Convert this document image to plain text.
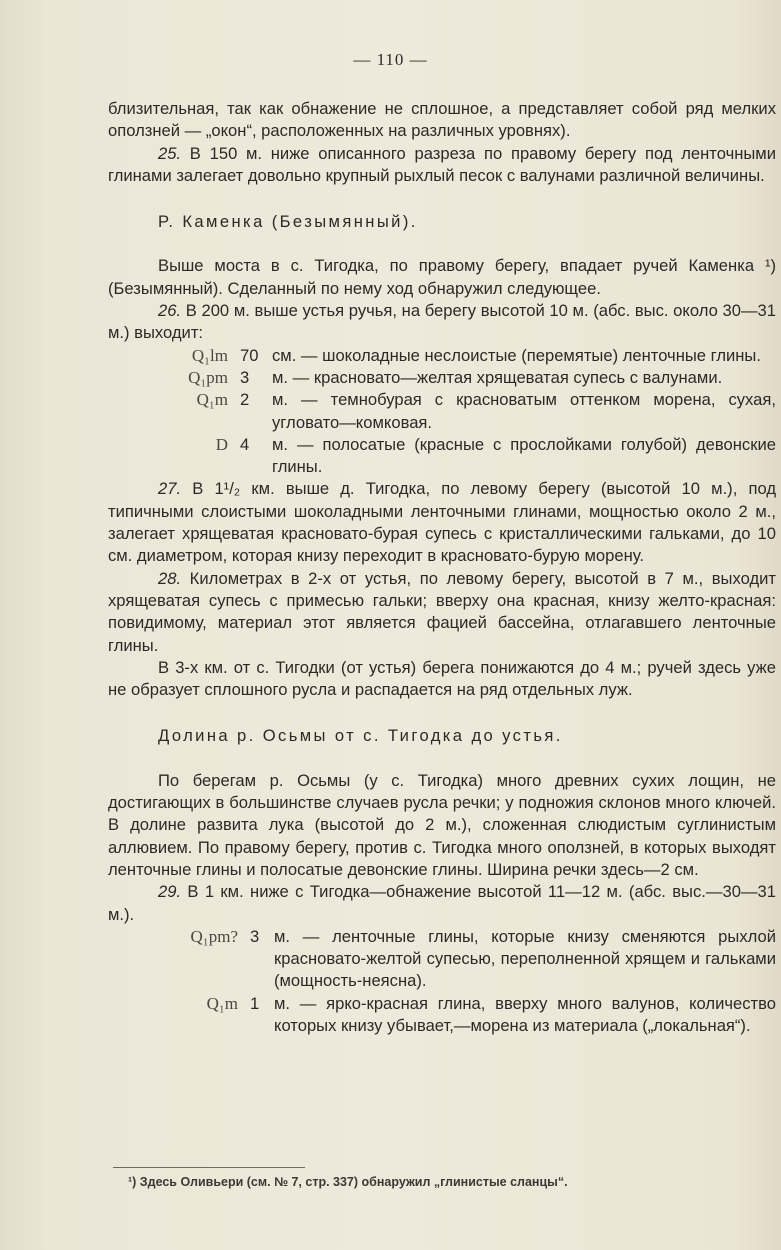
— 110 —

близительная, так как обнажение не сплошное, а представляет собой ряд мелких оползней — „окон“, расположенных на различных уровнях).

25. В 150 м. ниже описанного разреза по правому берегу под ленточными глинами залегает довольно крупный рыхлый песок с валунами различной величины.

Р. Каменка (Безымянный).

Выше моста в с. Тигодка, по правому берегу, впадает ручей Каменка ¹) (Безымянный). Сделанный по нему ход обнаружил следующее.

26. В 200 м. выше устья ручья, на берегу высотой 10 м. (абс. выс. около 30—31 м.) выходит:

Q₁lm 70 см. — шоколадные неслоистые (перемятые) ленточные глины.
Q₁pm 3	м. — красновато—желтая хрящеватая супесь с валунами.
Q₁m 2	м. — темнобурая с красноватым оттенком морена, сухая, угловато—комковая.
D 4	м. — полосатые (красные с прослойками голубой) девонские глины.

27. В 1¹/₂ км. выше д. Тигодка, по левому берегу (высотой 10 м.), под типичными слоистыми шоколадными ленточными глинами, мощностью около 2 м., залегает хрящеватая красновато-бурая супесь с кристаллическими гальками, до 10 см. диаметром, которая книзу переходит в красновато-бурую морену.

28. Километрах в 2-х от устья, по левому берегу, высотой в 7 м., выходит хрящеватая супесь с примесью гальки; вверху она красная, книзу желто-красная: повидимому, материал этот является фацией бассейна, отлагавшего ленточные глины.

В 3-х км. от с. Тигодки (от устья) берега понижаются до 4 м.; ручей здесь уже не образует сплошного русла и распадается на ряд отдельных луж.

Долина р. Осьмы от с. Тигодка до устья.

По берегам р. Осьмы (у с. Тигодка) много древних сухих лощин, не достигающих в большинстве случаев русла речки; у подножия склонов много ключей. В долине развита лука (высотой до 2 м.), сложенная слюдистым суглинистым аллювием. По правому берегу, против с. Тигодка много оползней, в которых выходят ленточные глины и полосатые девонские глины. Ширина речки здесь—2 см.

29. В 1 км. ниже с Тигодка—обнажение высотой 11—12 м. (абс. выс.—30—31 м.).

Q₁pm? 3 м. — ленточные глины, которые книзу сменяются рыхлой красновато-желтой супесью, переполненной хрящем и гальками (мощность-неясна).
Q₁m 1 м. — ярко-красная глина, вверху много валунов, количество которых книзу убывает,—морена из материала („локальная“).
¹) Здесь Оливьери (см. № 7, стр. 337) обнаружил „глинистые сланцы“.
